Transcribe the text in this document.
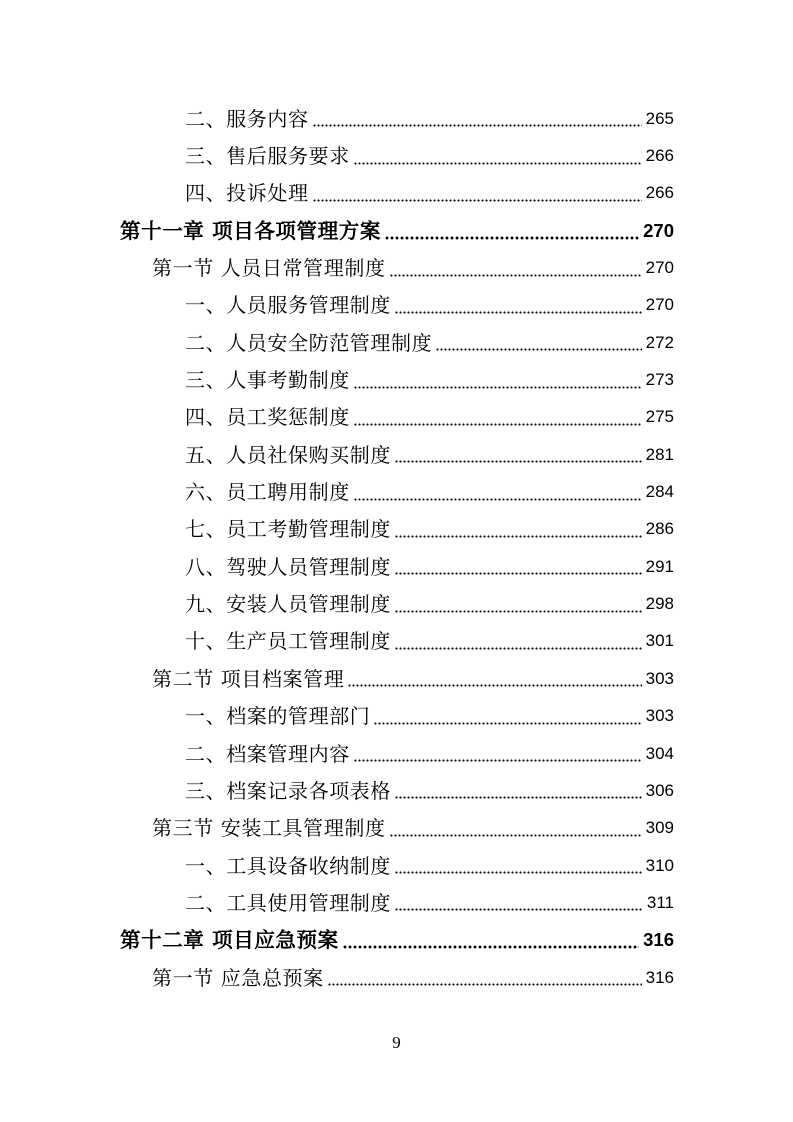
二、服务内容	265
三、售后服务要求	266
四、投诉处理	266
第十一章 项目各项管理方案	270
第一节 人员日常管理制度	270
一、人员服务管理制度	270
二、人员安全防范管理制度	272
三、人事考勤制度	273
四、员工奖惩制度	275
五、人员社保购买制度	281
六、员工聘用制度	284
七、员工考勤管理制度	286
八、驾驶人员管理制度	291
九、安装人员管理制度	298
十、生产员工管理制度	301
第二节 项目档案管理	303
一、档案的管理部门	303
二、档案管理内容	304
三、档案记录各项表格	306
第三节 安装工具管理制度	309
一、工具设备收纳制度	310
二、工具使用管理制度	311
第十二章 项目应急预案	316
第一节 应急总预案	316
9
